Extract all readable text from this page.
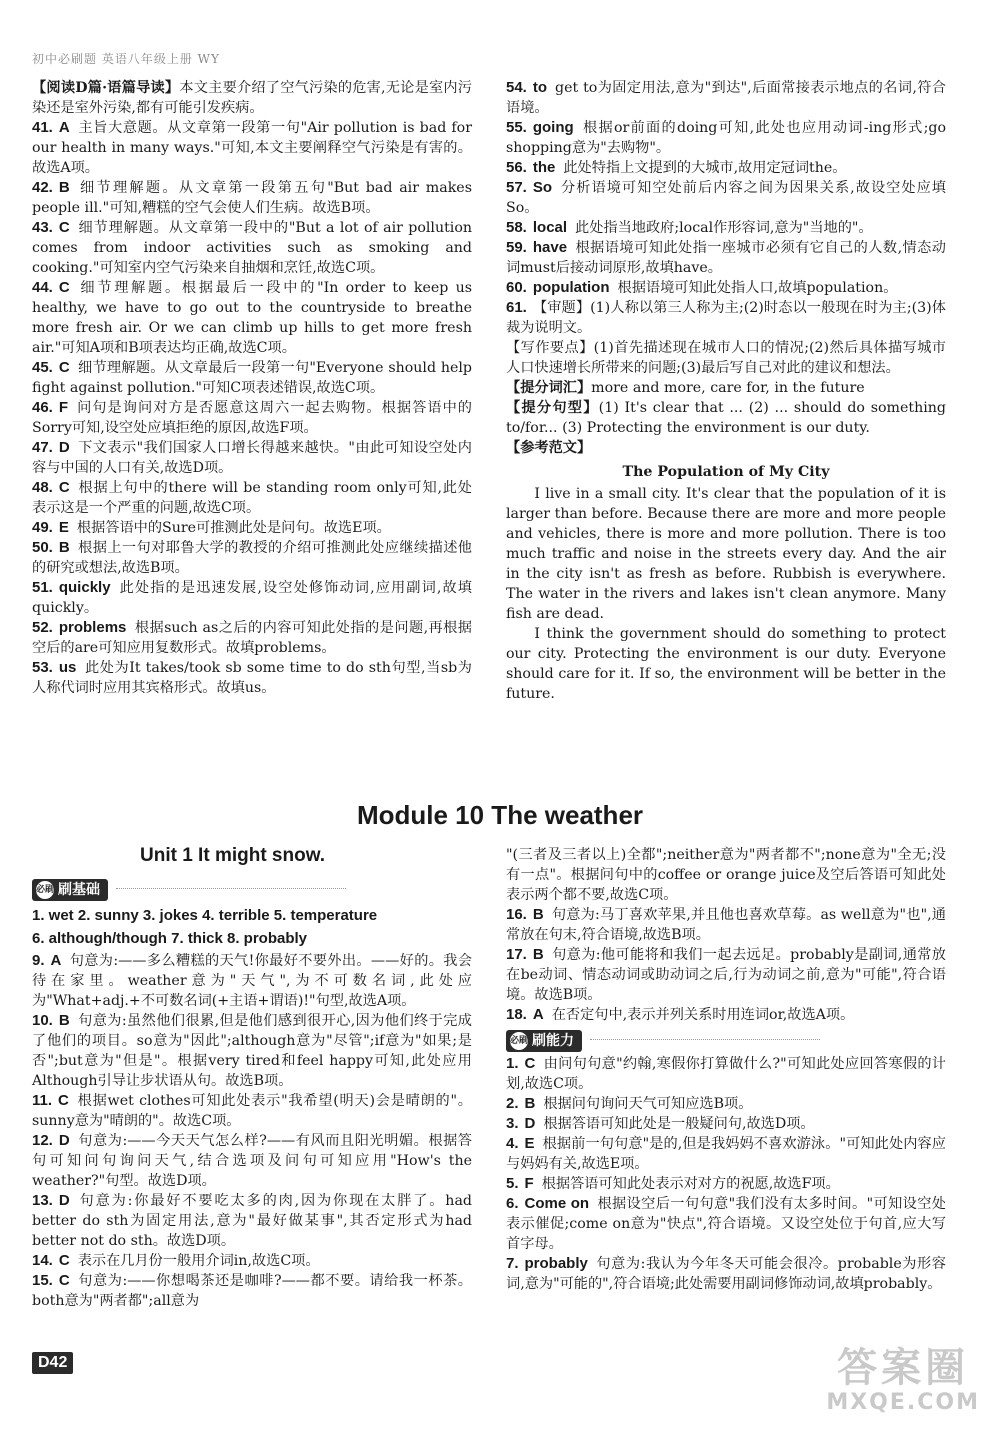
初中必刷题 英语八年级上册 WY

【阅读D篇·语篇导读】本文主要介绍了空气污染的危害,无论是室内污染还是室外污染,都有可能引发疾病。

41. A 主旨大意题。从文章第一段第一句"Air pollution is bad for our health in many ways."可知,本文主要阐释空气污染是有害的。故选A项。

42. B 细节理解题。从文章第一段第五句"But bad air makes people ill."可知,糟糕的空气会使人们生病。故选B项。

43. C 细节理解题。从文章第一段中的"But a lot of air pollution comes from indoor activities such as smoking and cooking."可知室内空气污染来自抽烟和烹饪,故选C项。

44. C 细节理解题。根据最后一段中的"In order to keep us healthy, we have to go out to the countryside to breathe more fresh air. Or we can climb up hills to get more fresh air."可知A项和B项表达均正确,故选C项。

45. C 细节理解题。从文章最后一段第一句"Everyone should help fight against pollution."可知C项表述错误,故选C项。

46. F 问句是询问对方是否愿意这周六一起去购物。根据答语中的Sorry可知,设空处应填拒绝的原因,故选F项。

47. D 下文表示"我们国家人口增长得越来越快。"由此可知设空处内容与中国的人口有关,故选D项。

48. C 根据上句中的there will be standing room only可知,此处表示这是一个严重的问题,故选C项。

49. E 根据答语中的Sure可推测此处是问句。故选E项。

50. B 根据上一句对耶鲁大学的教授的介绍可推测此处应继续描述他的研究或想法,故选B项。

51. quickly 此处指的是迅速发展,设空处修饰动词,应用副词,故填quickly。

52. problems 根据such as之后的内容可知此处指的是问题,再根据空后的are可知应用复数形式。故填problems。

53. us 此处为It takes/took sb some time to do sth句型,当sb为人称代词时应用其宾格形式。故填us。

54. to get to为固定用法,意为"到达",后面常接表示地点的名词,符合语境。

55. going 根据or前面的doing可知,此处也应用动词-ing形式;go shopping意为"去购物"。

56. the 此处特指上文提到的大城市,故用定冠词the。

57. So 分析语境可知空处前后内容之间为因果关系,故设空处应填So。

58. local 此处指当地政府;local作形容词,意为"当地的"。

59. have 根据语境可知此处指一座城市必须有它自己的人数,情态动词must后接动词原形,故填have。

60. population 根据语境可知此处指人口,故填population。

61. 【审题】(1)人称以第三人称为主;(2)时态以一般现在时为主;(3)体裁为说明文。

【写作要点】(1)首先描述现在城市人口的情况;(2)然后具体描写城市人口快速增长所带来的问题;(3)最后写自己对此的建议和想法。

【提分词汇】more and more, care for, in the future

【提分句型】(1) It's clear that ... (2) ... should do something to/for... (3) Protecting the environment is our duty.

【参考范文】

The Population of My City

I live in a small city. It's clear that the population of it is larger than before. Because there are more and more people and vehicles, there is more and more pollution. There is too much traffic and noise in the streets every day. And the air in the city isn't as fresh as before. Rubbish is everywhere. The water in the rivers and lakes isn't clean anymore. Many fish are dead.

I think the government should do something to protect our city. Protecting the environment is our duty. Everyone should care for it. If so, the environment will be better in the future.

Module 10 The weather
Unit 1 It might snow.
必刷 刷基础
1. wet 2. sunny 3. jokes 4. terrible 5. temperature
6. although/though 7. thick 8. probably

9. A 句意为:——多么糟糕的天气!你最好不要外出。——好的。我会待在家里。weather意为"天气",为不可数名词,此处应为"What+adj.+不可数名词(+主语+谓语)!"句型,故选A项。

10. B 句意为:虽然他们很累,但是他们感到很开心,因为他们终于完成了他们的项目。so意为"因此";although意为"尽管";if意为"如果;是否";but意为"但是"。根据very tired和feel happy可知,此处应用Although引导让步状语从句。故选B项。

11. C 根据wet clothes可知此处表示"我希望(明天)会是晴朗的"。sunny意为"晴朗的"。故选C项。

12. D 句意为:——今天天气怎么样?——有风而且阳光明媚。根据答句可知问句询问天气,结合选项及问句可知应用"How's the weather?"句型。故选D项。

13. D 句意为:你最好不要吃太多的肉,因为你现在太胖了。had better do sth为固定用法,意为"最好做某事",其否定形式为had better not do sth。故选D项。

14. C 表示在几月份一般用介词in,故选C项。

15. C 句意为:——你想喝茶还是咖啡?——都不要。请给我一杯茶。both意为"两者都";all意为

"(三者及三者以上)全都";neither意为"两者都不";none意为"全无;没有一点"。根据问句中的coffee or orange juice及空后答语可知此处表示两个都不要,故选C项。

16. B 句意为:马丁喜欢苹果,并且他也喜欢草莓。as well意为"也",通常放在句末,符合语境,故选B项。

17. B 句意为:他可能将和我们一起去远足。probably是副词,通常放在be动词、情态动词或助动词之后,行为动词之前,意为"可能",符合语境。故选B项。

18. A 在否定句中,表示并列关系时用连词or,故选A项。

必刷 刷能力

1. C 由问句句意"约翰,寒假你打算做什么?"可知此处应回答寒假的计划,故选C项。

2. B 根据问句询问天气可知应选B项。

3. D 根据答语可知此处是一般疑问句,故选D项。

4. E 根据前一句句意"是的,但是我妈妈不喜欢游泳。"可知此处内容应与妈妈有关,故选E项。

5. F 根据答语可知此处表示对对方的祝愿,故选F项。

6. Come on 根据设空后一句句意"我们没有太多时间。"可知设空处表示催促;come on意为"快点",符合语境。又设空处位于句首,应大写首字母。

7. probably 句意为:我认为今年冬天可能会很冷。probable为形容词,意为"可能的",符合语境;此处需要用副词修饰动词,故填probably。

D42	答案圈
MXQE.COM
